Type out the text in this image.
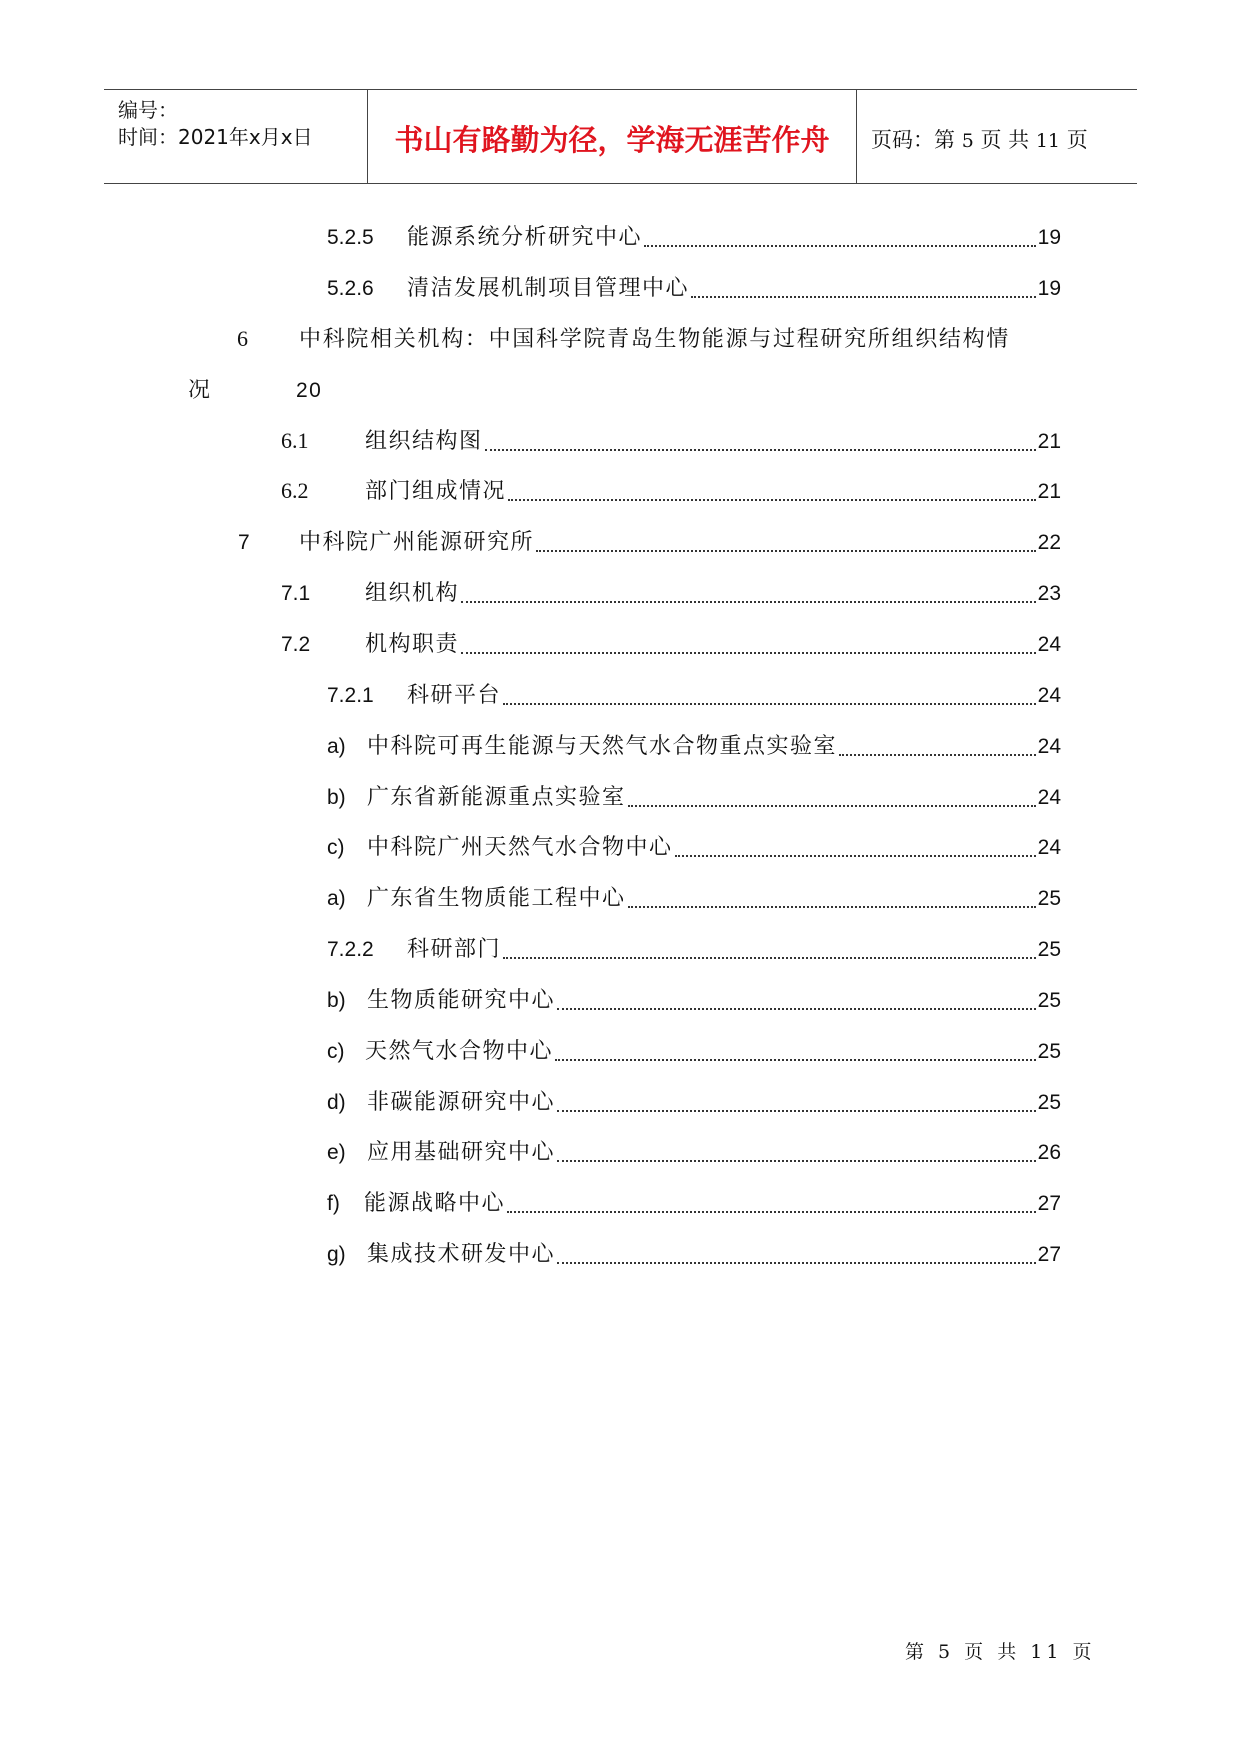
编号：
时间：2021年x月x日	书山有路勤为径，学海无涯苦作舟	页码：第 5 页 共 11 页
5.2.5	能源系统分析研究中心	19
5.2.6	清洁发展机制项目管理中心	19
6 中科院相关机构：中国科学院青岛生物能源与过程研究所组织结构情
况	20
6.1	组织结构图	21
6.2	部门组成情况	21
7	中科院广州能源研究所	22
7.1	组织机构	23
7.2	机构职责	24
7.2.1	科研平台	24
a) 中科院可再生能源与天然气水合物重点实验室	24
b) 广东省新能源重点实验室	24
c)	中科院广州天然气水合物中心	24
a) 广东省生物质能工程中心	25
7.2.2	科研部门	25
b) 生物质能研究中心	25
c) 天然气水合物中心	25
d) 非碳能源研究中心	25
e) 应用基础研究中心	26
f)	能源战略中心	27
g) 集成技术研发中心	27
第 5 页 共 11 页
